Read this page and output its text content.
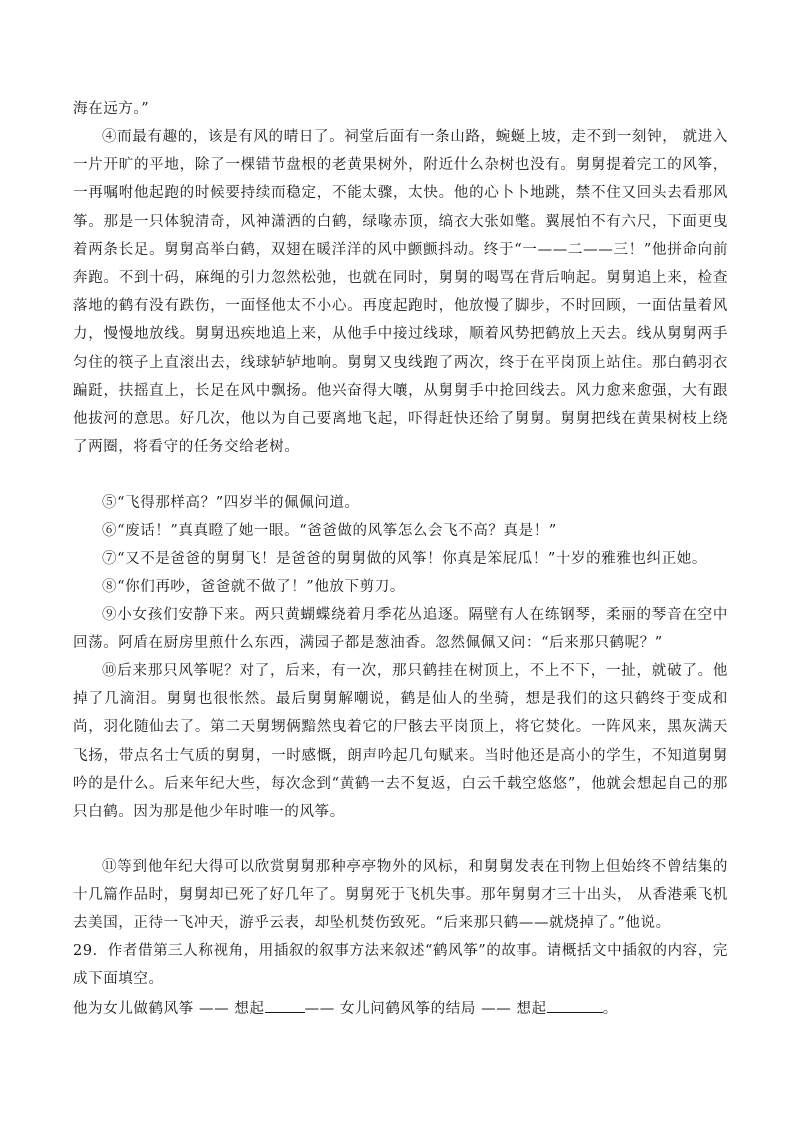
海在远方。”

④而最有趣的，该是有风的晴日了。祠堂后面有一条山路，蜿蜒上坡，走不到一刻钟， 就进入一片开旷的平地，除了一棵错节盘根的老黄果树外，附近什么杂树也没有。舅舅提着完工的风筝，一再嘱咐他起跑的时候要持续而稳定，不能太骤，太快。他的心卜卜地跳，禁不住又回头去看那风筝。那是一只体貌清奇，风神潇洒的白鹤，绿喙赤顶，缟衣大张如氅。翼展怕不有六尺，下面更曳着两条长足。舅舅高举白鹤，双翅在暖洋洋的风中颤颤抖动。终于“一——二——三！”他拼命向前奔跑。不到十码，麻绳的引力忽然松弛，也就在同时，舅舅的喝骂在背后响起。舅舅追上来，检查落地的鹤有没有跌伤，一面怪他太不小心。再度起跑时，他放慢了脚步，不时回顾，一面估量着风力，慢慢地放线。舅舅迅疾地追上来，从他手中接过线球，顺着风势把鹤放上天去。线从舅舅两手匀住的筷子上直滚出去，线球轳轳地响。舅舅又曳线跑了两次，终于在平岗顶上站住。那白鹤羽衣蹁跹，扶摇直上，长足在风中飘扬。他兴奋得大嚷，从舅舅手中抢回线去。风力愈来愈强，大有跟他拔河的意思。好几次，他以为自己要离地飞起，吓得赶快还给了舅舅。舅舅把线在黄果树枝上绕了两圈，将看守的任务交给老树。

⑤“飞得那样高？”四岁半的佩佩问道。

⑥“废话！”真真瞪了她一眼。“爸爸做的风筝怎么会飞不高？真是！”

⑦“又不是爸爸的舅舅飞！是爸爸的舅舅做的风筝！你真是笨屁瓜！”十岁的雅雅也纠正她。

⑧“你们再吵，爸爸就不做了！”他放下剪刀。

⑨小女孩们安静下来。两只黄蝴蝶绕着月季花丛追逐。隔壁有人在练钢琴，柔丽的琴音在空中回荡。阿盾在厨房里煎什么东西，满园子都是葱油香。忽然佩佩又问：“后来那只鹤呢？”

⑩后来那只风筝呢？对了，后来，有一次，那只鹤挂在树顶上，不上不下，一扯，就破了。他掉了几滴泪。舅舅也很怅然。最后舅舅解嘲说，鹤是仙人的坐骑，想是我们的这只鹤终于变成和尚，羽化随仙去了。第二天舅甥俩黯然曳着它的尸骸去平岗顶上，将它焚化。一阵风来，黑灰满天飞扬，带点名士气质的舅舅，一时感慨，朗声吟起几句赋来。当时他还是高小的学生，不知道舅舅吟的是什么。后来年纪大些，每次念到“黄鹤一去不复返，白云千载空悠悠”，他就会想起自己的那只白鹤。因为那是他少年时唯一的风筝。

⑪等到他年纪大得可以欣赏舅舅那种亭亭物外的风标，和舅舅发表在刊物上但始终不曾结集的十几篇作品时，舅舅却已死了好几年了。舅舅死于飞机失事。那年舅舅才三十出头， 从香港乘飞机去美国，正待一飞冲天，游乎云表，却坠机焚伤致死。“后来那只鹤——就烧掉了。”他说。

29．作者借第三人称视角，用插叙的叙事方法来叙述“鹤风筝”的故事。请概括文中插叙的内容，完成下面填空。

他为女儿做鹤风筝 —— 想起	—— 女儿问鹤风筝的结局 —— 想起	。
